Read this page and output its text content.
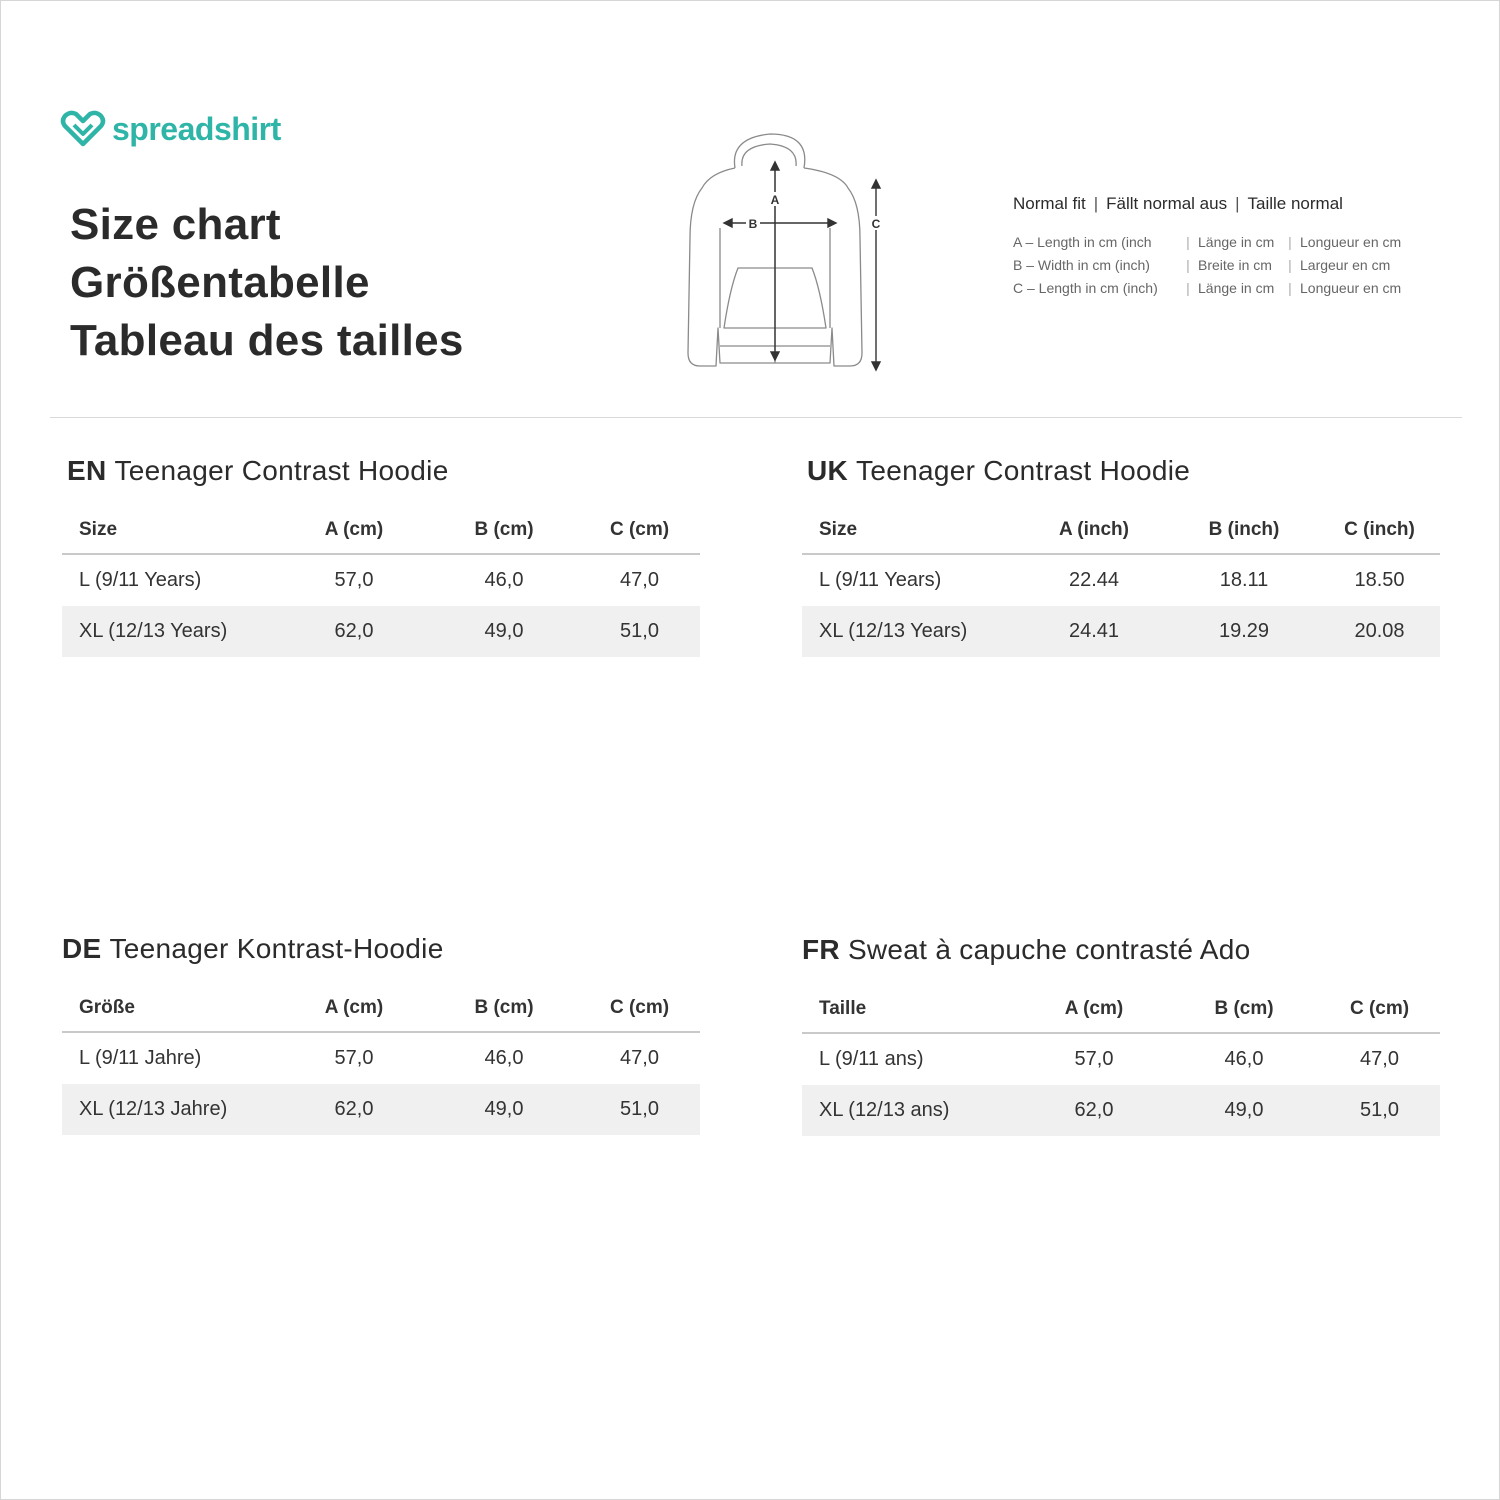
spreadshirt
Size chart
Größentabelle
Tableau des tailles
A
B	C
Normal fit | Fällt normal aus | Taille normal
A – Length in cm (inch	| Länge in cm | Longueur en cm
B – Width in cm (inch)	| Breite in cm	| Largeur en cm
C – Length in cm (inch)	| Länge in cm | Longueur en cm
EN Teenager Contrast Hoodie
Size	A (cm)	B (cm)	C (cm)
L (9/11 Years)	57,0	46,0	47,0
XL (12/13 Years)	62,0	49,0	51,0
UK Teenager Contrast Hoodie
Size	A (inch)	B (inch)	C (inch)
L (9/11 Years)	22.44	18.11	18.50
XL (12/13 Years)	24.41	19.29	20.08
DE Teenager Kontrast-Hoodie
Größe	A (cm)	B (cm)	C (cm)
L (9/11 Jahre)	57,0	46,0	47,0
XL (12/13 Jahre)	62,0	49,0	51,0
FR Sweat à capuche contrasté Ado
Taille	A (cm)	B (cm)	C (cm)
L (9/11 ans)	57,0	46,0	47,0
XL (12/13 ans)	62,0	49,0	51,0
